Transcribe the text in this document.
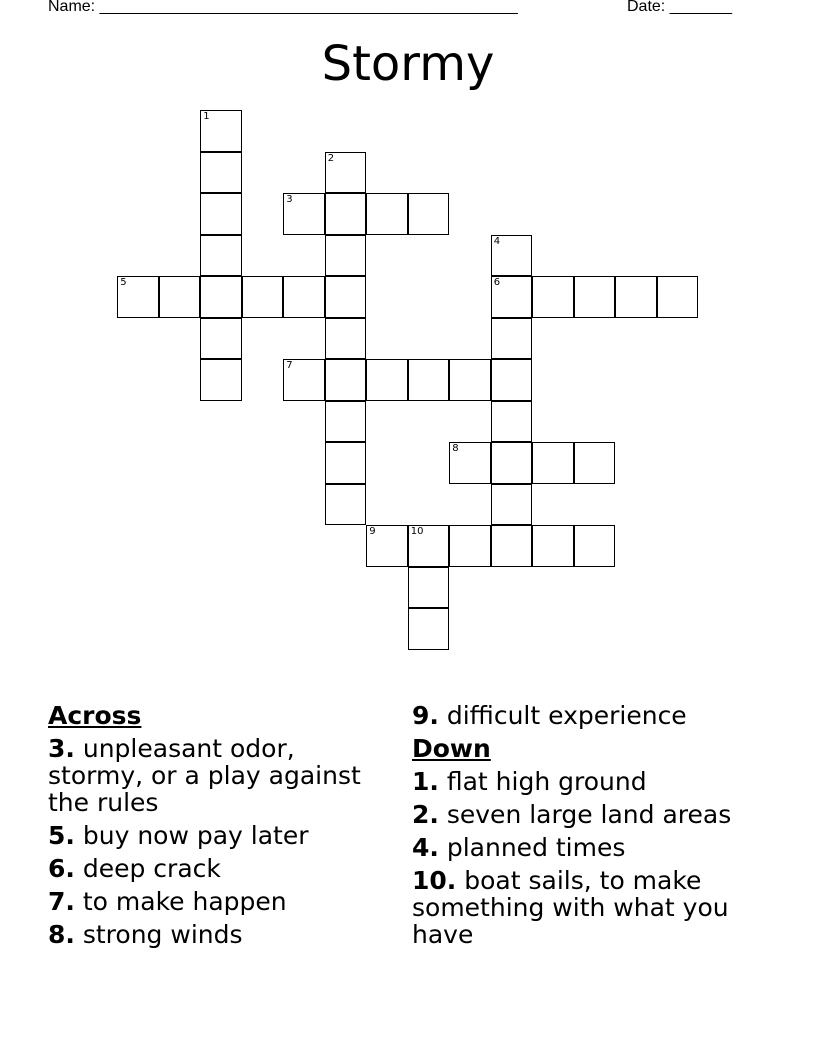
Name: _______________________________________________	Date: _______
Stormy
1
2
3
4
6
5
7
8
9	10
Across
3. unpleasant odor, stormy, or a play against the rules
5. buy now pay later
6. deep crack
7. to make happen
8. strong winds
9. difficult experience
Down
1. flat high ground
2. seven large land areas
4. planned times
10. boat sails, to make something with what you have
